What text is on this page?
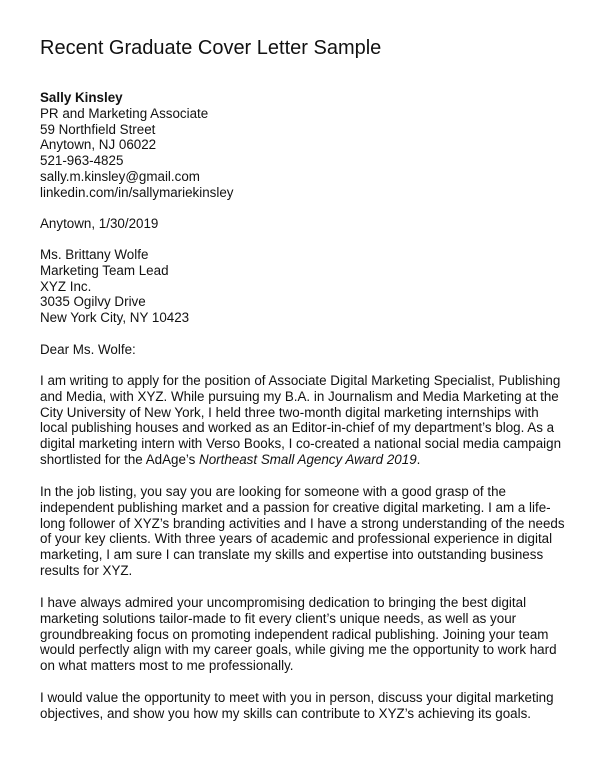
Recent Graduate Cover Letter Sample
Sally Kinsley
PR and Marketing Associate
59 Northfield Street
Anytown, NJ 06022
521-963-4825
sally.m.kinsley@gmail.com
linkedin.com/in/sallymariekinsley
Anytown, 1/30/2019
Ms. Brittany Wolfe
Marketing Team Lead
XYZ Inc.
3035 Ogilvy Drive
New York City, NY 10423
Dear Ms. Wolfe:
I am writing to apply for the position of Associate Digital Marketing Specialist, Publishing
and Media, with XYZ. While pursuing my B.A. in Journalism and Media Marketing at the
City University of New York, I held three two-month digital marketing internships with
local publishing houses and worked as an Editor-in-chief of my department’s blog. As a
digital marketing intern with Verso Books, I co-created a national social media campaign
shortlisted for the AdAge’s Northeast Small Agency Award 2019.
In the job listing, you say you are looking for someone with a good grasp of the
independent publishing market and a passion for creative digital marketing. I am a life-
long follower of XYZ’s branding activities and I have a strong understanding of the needs
of your key clients. With three years of academic and professional experience in digital
marketing, I am sure I can translate my skills and expertise into outstanding business
results for XYZ.
I have always admired your uncompromising dedication to bringing the best digital
marketing solutions tailor-made to fit every client’s unique needs, as well as your
groundbreaking focus on promoting independent radical publishing. Joining your team
would perfectly align with my career goals, while giving me the opportunity to work hard
on what matters most to me professionally.
I would value the opportunity to meet with you in person, discuss your digital marketing
objectives, and show you how my skills can contribute to XYZ’s achieving its goals.
